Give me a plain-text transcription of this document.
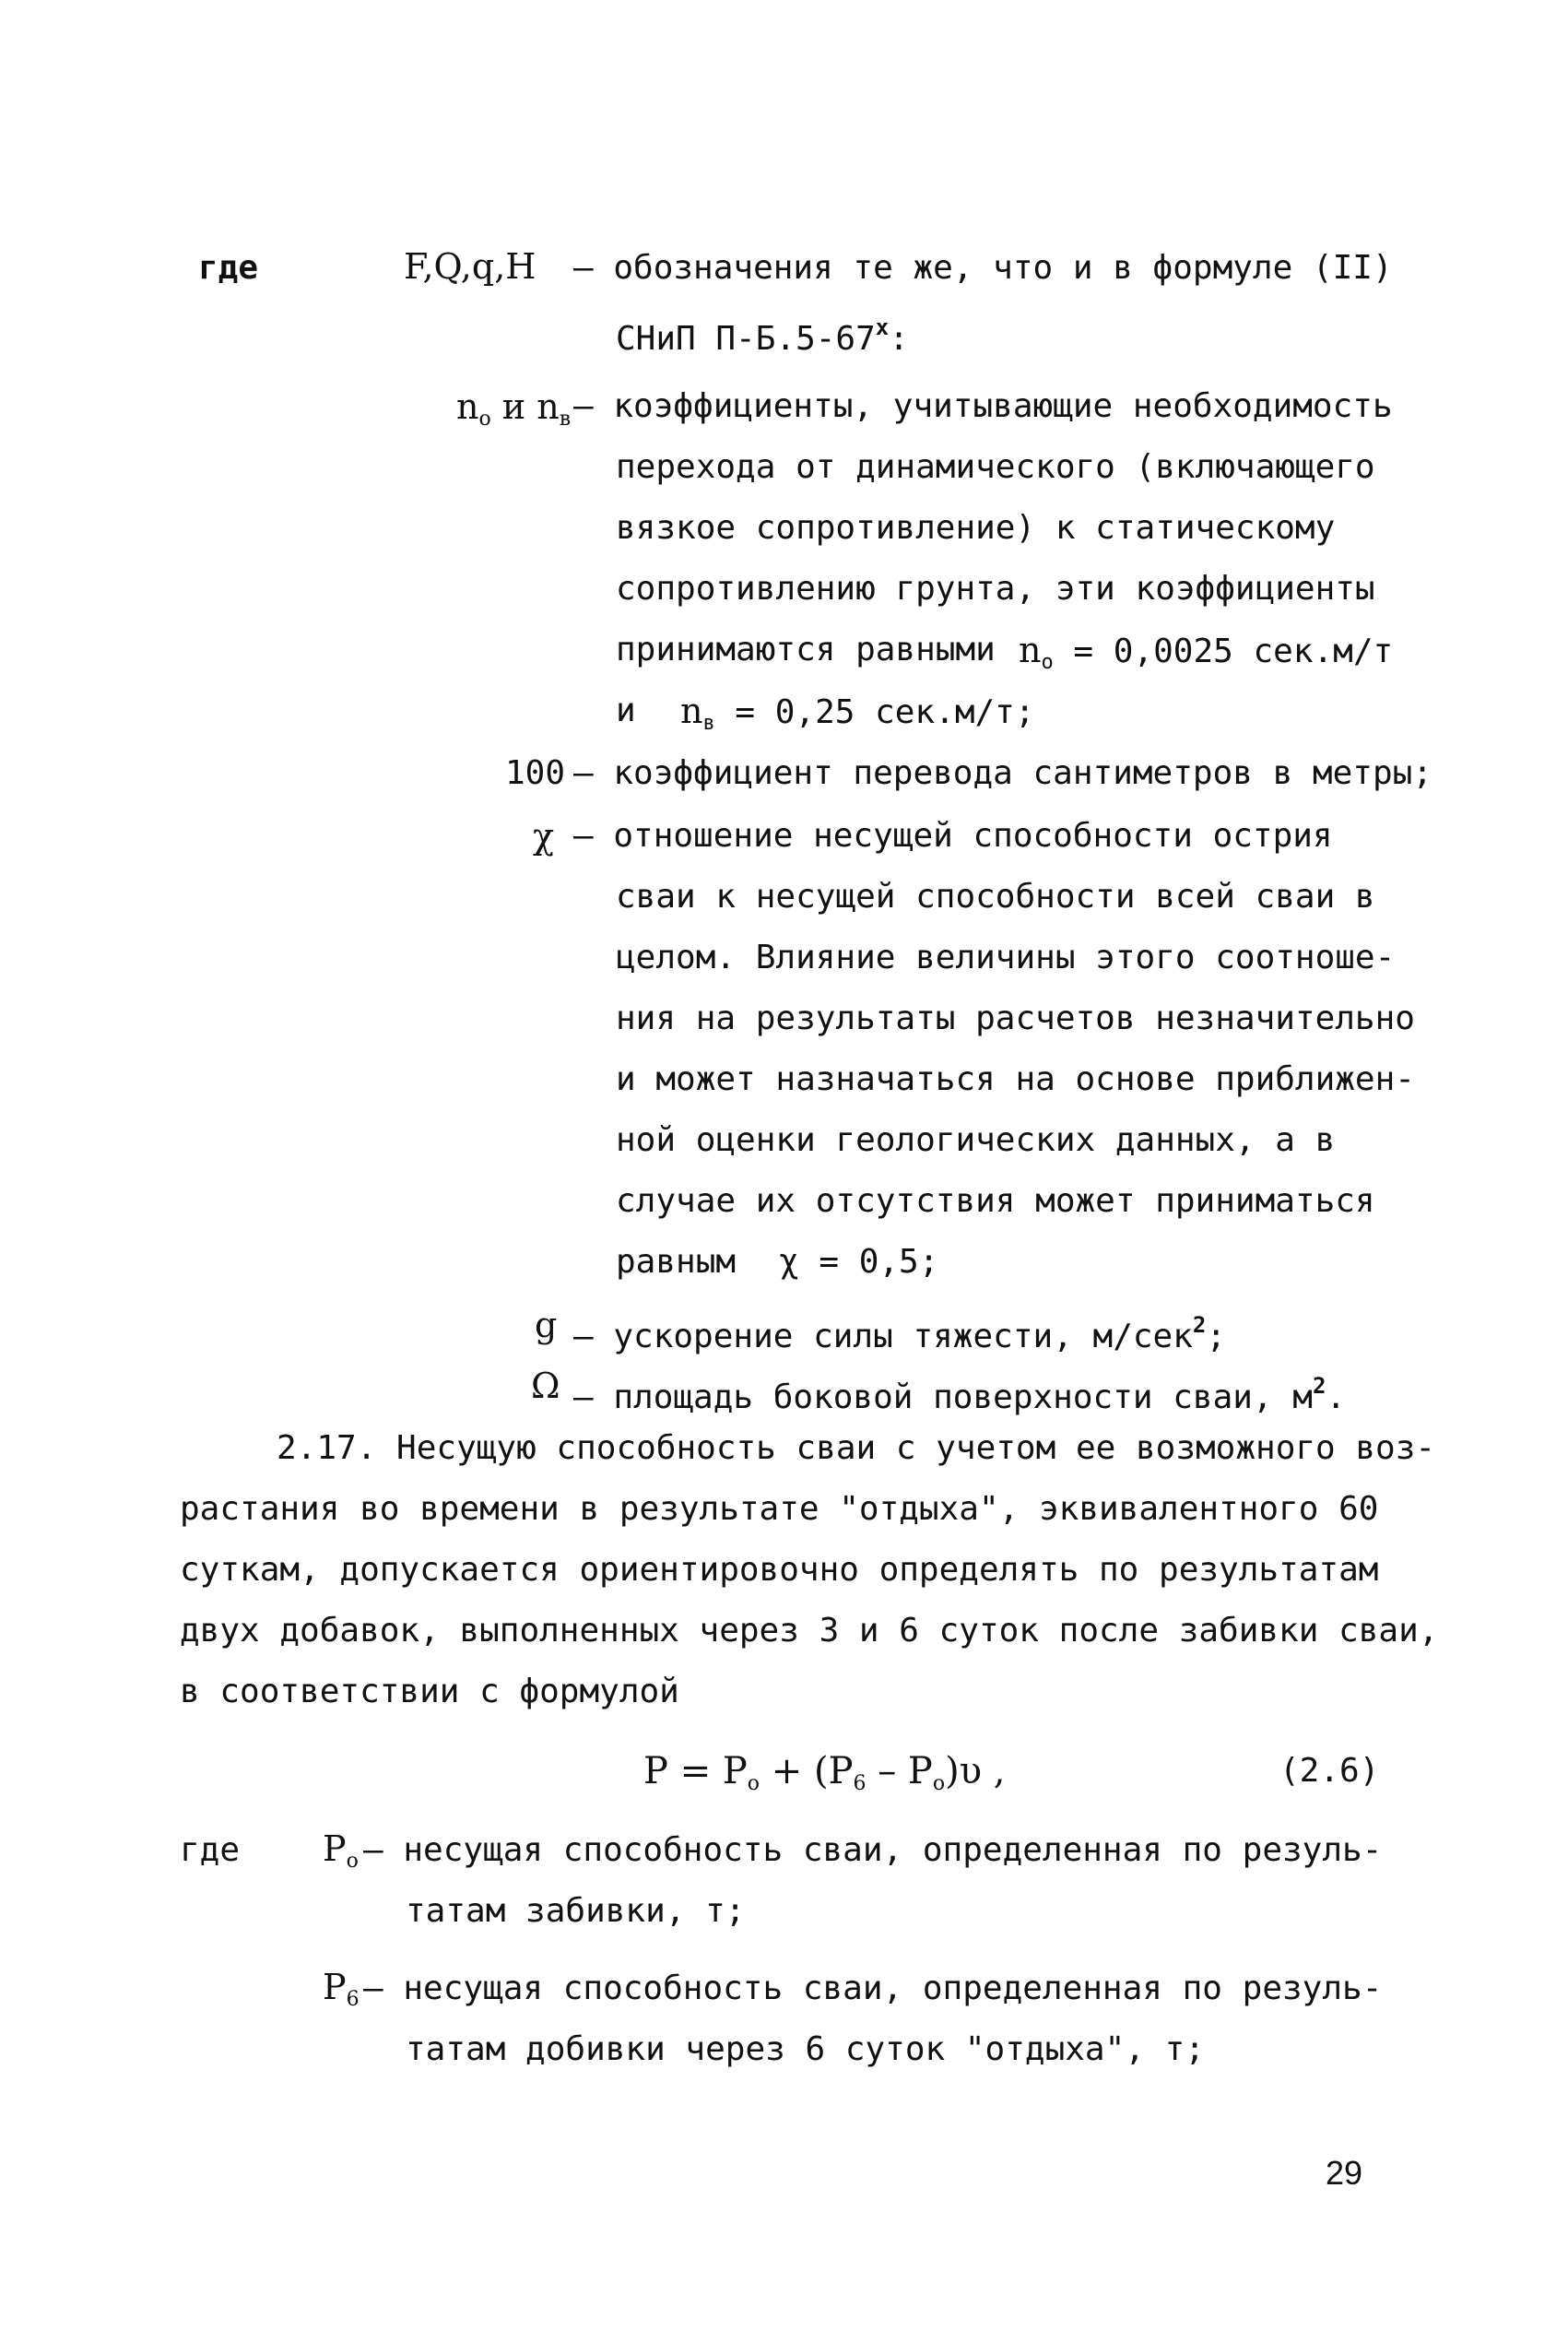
где	F,Q,q,H – обозначения те же, что и в формуле (II)
СНиП $П-Б.5-67^х$:
$n_о$ и $n_в$ – коэффициенты, учитывающие необходимость
перехода от динамического (включающего
вязкое сопротивление) к статическому
сопротивлению грунта, эти коэффициенты
принимаются равными $n_о = 0,0025$ сек.м/т
и $n_в = 0,25$ сек.м/т;
100 – коэффициент перевода сантиметров в метры;
χ – отношение несущей способности острия
сваи к несущей способности всей сваи в
целом. Влияние величины этого соотноше-
ния на результаты расчетов незначительно
и может назначаться на основе приближен-
ной оценки геологических данных, а в
случае их отсутствия может приниматься
равным χ = 0,5;
g – ускорение силы тяжести, м/сек$^2$;
Ω – площадь боковой поверхности сваи, $м^2$.
2.17. Несущую способность сваи с учетом ее возможного воз-
растания во времени в результате "отдыха", эквивалентного 60
суткам, допускается ориентировочно определять по результатам
двух добавок, выполненных через 3 и 6 суток после забивки сваи,
в соответствии с формулой
$P = P_о + (P_6 - P_о)\upsilon$ ,	(2.6)
где $P_о$ – несущая способность сваи, определенная по резуль-
татам забивки, т;
$P_6$ – несущая способность сваи, определенная по резуль-
татам добивки через 6 суток "отдыха", т;
29
